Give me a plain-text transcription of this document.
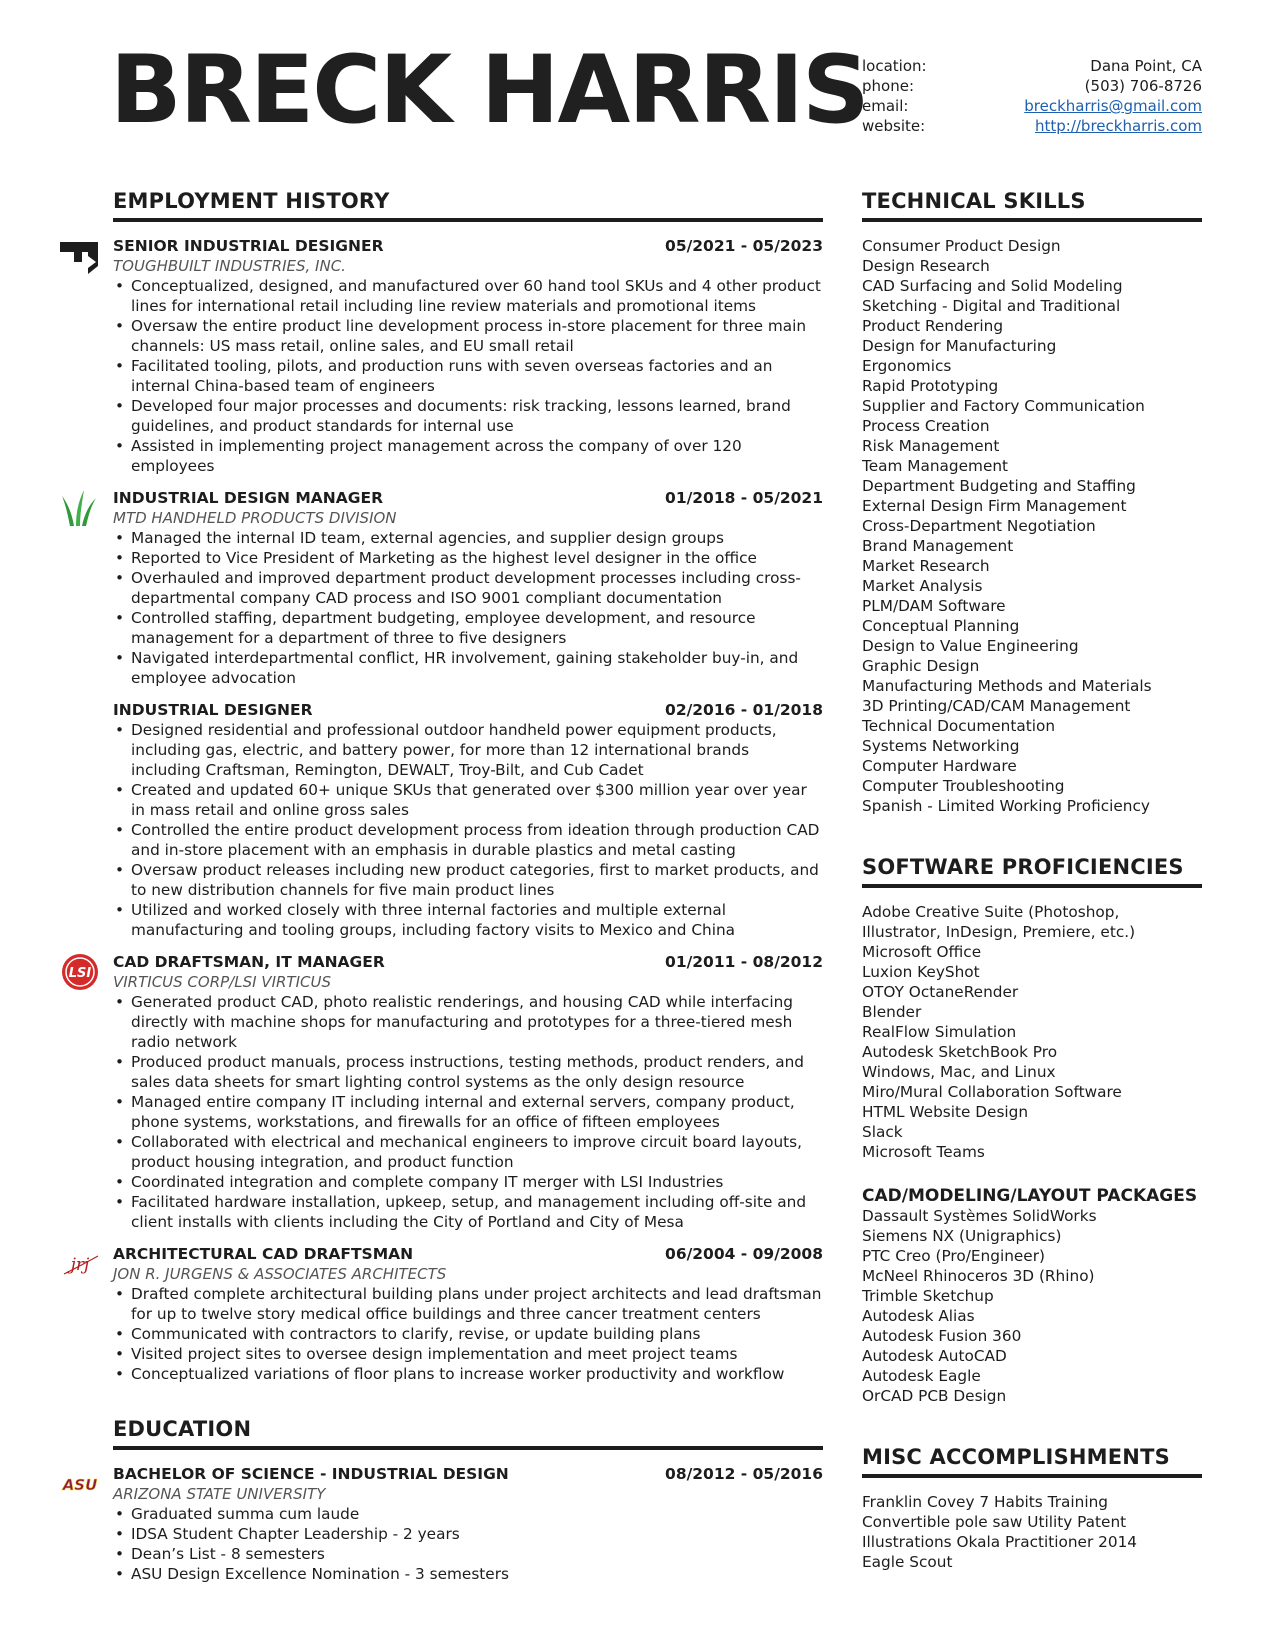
BRECK HARRIS
location:	Dana Point, CA
phone:	(503) 706-8726
email:	breckharris@gmail.com
website:	http://breckharris.com
EMPLOYMENT HISTORY
SENIOR INDUSTRIAL DESIGNER	05/2021 - 05/2023
TOUGHBUILT INDUSTRIES, INC.
• Conceptualized, designed, and manufactured over 60 hand tool SKUs and 4 other product lines for international retail including line review materials and promotional items
• Oversaw the entire product line development process in-store placement for three main channels: US mass retail, online sales, and EU small retail
• Facilitated tooling, pilots, and production runs with seven overseas factories and an internal China-based team of engineers
• Developed four major processes and documents: risk tracking, lessons learned, brand guidelines, and product standards for internal use
• Assisted in implementing project management across the company of over 120 employees
INDUSTRIAL DESIGN MANAGER	01/2018 - 05/2021
MTD HANDHELD PRODUCTS DIVISION
• Managed the internal ID team, external agencies, and supplier design groups
• Reported to Vice President of Marketing as the highest level designer in the office
• Overhauled and improved department product development processes including cross-departmental company CAD process and ISO 9001 compliant documentation
• Controlled staffing, department budgeting, employee development, and resource management for a department of three to five designers
• Navigated interdepartmental conflict, HR involvement, gaining stakeholder buy-in, and employee advocation
INDUSTRIAL DESIGNER	02/2016 - 01/2018
• Designed residential and professional outdoor handheld power equipment products, including gas, electric, and battery power, for more than 12 international brands including Craftsman, Remington, DEWALT, Troy-Bilt, and Cub Cadet
• Created and updated 60+ unique SKUs that generated over $300 million year over year in mass retail and online gross sales
• Controlled the entire product development process from ideation through production CAD and in-store placement with an emphasis in durable plastics and metal casting
• Oversaw product releases including new product categories, first to market products, and to new distribution channels for five main product lines
• Utilized and worked closely with three internal factories and multiple external manufacturing and tooling groups, including factory visits to Mexico and China
LSI
CAD DRAFTSMAN, IT MANAGER	01/2011 - 08/2012
VIRTICUS CORP/LSI VIRTICUS
• Generated product CAD, photo realistic renderings, and housing CAD while interfacing directly with machine shops for manufacturing and prototypes for a three-tiered mesh radio network
• Produced product manuals, process instructions, testing methods, product renders, and sales data sheets for smart lighting control systems as the only design resource
• Managed entire company IT including internal and external servers, company product, phone systems, workstations, and firewalls for an office of fifteen employees
• Collaborated with electrical and mechanical engineers to improve circuit board layouts, product housing integration, and product function
• Coordinated integration and complete company IT merger with LSI Industries
• Facilitated hardware installation, upkeep, setup, and management including off-site and client installs with clients including the City of Portland and City of Mesa
jrj
ARCHITECTURAL CAD DRAFTSMAN	06/2004 - 09/2008
JON R. JURGENS & ASSOCIATES ARCHITECTS
• Drafted complete architectural building plans under project architects and lead draftsman for up to twelve story medical office buildings and three cancer treatment centers
• Communicated with contractors to clarify, revise, or update building plans
• Visited project sites to oversee design implementation and meet project teams
• Conceptualized variations of floor plans to increase worker productivity and workflow
EDUCATION
ASU
BACHELOR OF SCIENCE - INDUSTRIAL DESIGN	08/2012 - 05/2016
ARIZONA STATE UNIVERSITY
• Graduated summa cum laude
• IDSA Student Chapter Leadership - 2 years
• Dean’s List - 8 semesters
• ASU Design Excellence Nomination - 3 semesters
TECHNICAL SKILLS
Consumer Product Design
Design Research
CAD Surfacing and Solid Modeling
Sketching - Digital and Traditional
Product Rendering
Design for Manufacturing
Ergonomics
Rapid Prototyping
Supplier and Factory Communication
Process Creation
Risk Management
Team Management
Department Budgeting and Staffing
External Design Firm Management
Cross-Department Negotiation
Brand Management
Market Research
Market Analysis
PLM/DAM Software
Conceptual Planning
Design to Value Engineering
Graphic Design
Manufacturing Methods and Materials
3D Printing/CAD/CAM Management
Technical Documentation
Systems Networking
Computer Hardware
Computer Troubleshooting
Spanish - Limited Working Proficiency
SOFTWARE PROFICIENCIES
Adobe Creative Suite (Photoshop, Illustrator, InDesign, Premiere, etc.)
Microsoft Office
Luxion KeyShot
OTOY OctaneRender
Blender
RealFlow Simulation
Autodesk SketchBook Pro
Windows, Mac, and Linux
Miro/Mural Collaboration Software
HTML Website Design
Slack
Microsoft Teams
CAD/MODELING/LAYOUT PACKAGES
Dassault Systèmes SolidWorks
Siemens NX (Unigraphics)
PTC Creo (Pro/Engineer)
McNeel Rhinoceros 3D (Rhino)
Trimble Sketchup
Autodesk Alias
Autodesk Fusion 360
Autodesk AutoCAD
Autodesk Eagle
OrCAD PCB Design
MISC ACCOMPLISHMENTS
Franklin Covey 7 Habits Training
Convertible pole saw Utility Patent
Illustrations Okala Practitioner 2014
Eagle Scout
